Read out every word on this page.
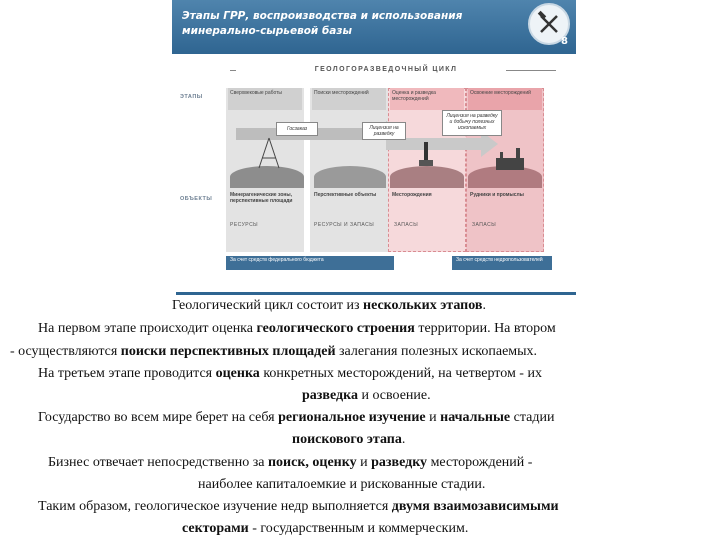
Этапы ГРР, воспроизводства и использования
минерально-сырьевой базы
8
ГЕОЛОГОРАЗВЕДОЧНЫЙ ЦИКЛ
ЭТАПЫ
ОБЪЕКТЫ
Сверхвековые работы	Поиски месторождений	Оценка и разведка месторождений
Освоение месторождений
Госзаказ	Лицензия на разведку
Лицензия на разведку и добычу полезных ископаемых
Минерагенические зоны, перспективные площади
Перспективные объекты	Месторождения	Рудники и промыслы
РЕСУРСЫ	РЕСУРСЫ И ЗАПАСЫ	ЗАПАСЫ	ЗАПАСЫ
За счет средств федерального бюджета	За счет средств недропользователей
Геологический цикл состоит из нескольких этапов.
На первом этапе происходит оценка геологического строения территории. На втором
- осуществляются поиски перспективных площадей залегания полезных ископаемых.
На третьем этапе проводится оценка конкретных месторождений, на четвертом - их
разведка и освоение.
Государство во всем мире берет на себя региональное изучение и начальные стадии
поискового этапа.
Бизнес отвечает непосредственно за поиск, оценку и разведку месторождений -
наиболее капиталоемкие и рискованные стадии.
Таким образом, геологическое изучение недр выполняется двумя взаимозависимыми
секторами - государственным и коммерческим.
